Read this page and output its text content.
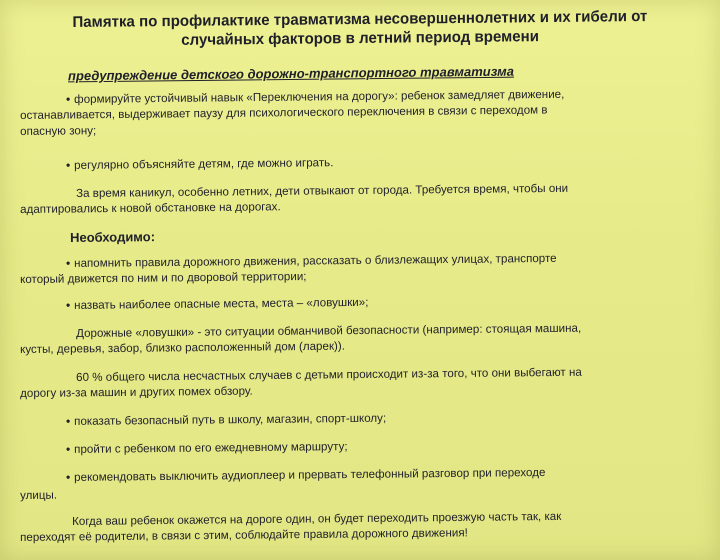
Памятка по профилактике травматизма несовершеннолетних и их гибели от
случайных факторов в летний период времени
предупреждение детского дорожно-транспортного травматизма
• формируйте устойчивый навык «Переключения на дорогу»: ребенок замедляет движение,
останавливается, выдерживает паузу для психологического переключения в связи с переходом в
опасную зону;
• регулярно объясняйте детям, где можно играть.
За время каникул, особенно летних, дети отвыкают от города. Требуется время, чтобы они
адаптировались к новой обстановке на дорогах.
Необходимо:
• напомнить правила дорожного движения, рассказать о близлежащих улицах, транспорте
который движется по ним и по дворовой территории;
• назвать наиболее опасные места, места – «ловушки»;
Дорожные «ловушки» - это ситуации обманчивой безопасности (например: стоящая машина,
кусты, деревья, забор, близко расположенный дом (ларек)).
60 % общего числа несчастных случаев с детьми происходит из-за того, что они выбегают на
дорогу из-за машин и других помех обзору.
• показать безопасный путь в школу, магазин, спорт-школу;
• пройти с ребенком по его ежедневному маршруту;
• рекомендовать выключить аудиоплеер и прервать телефонный разговор при переходе
улицы.
Когда ваш ребенок окажется на дороге один, он будет переходить проезжую часть так, как
переходят её родители, в связи с этим, соблюдайте правила дорожного движения!
